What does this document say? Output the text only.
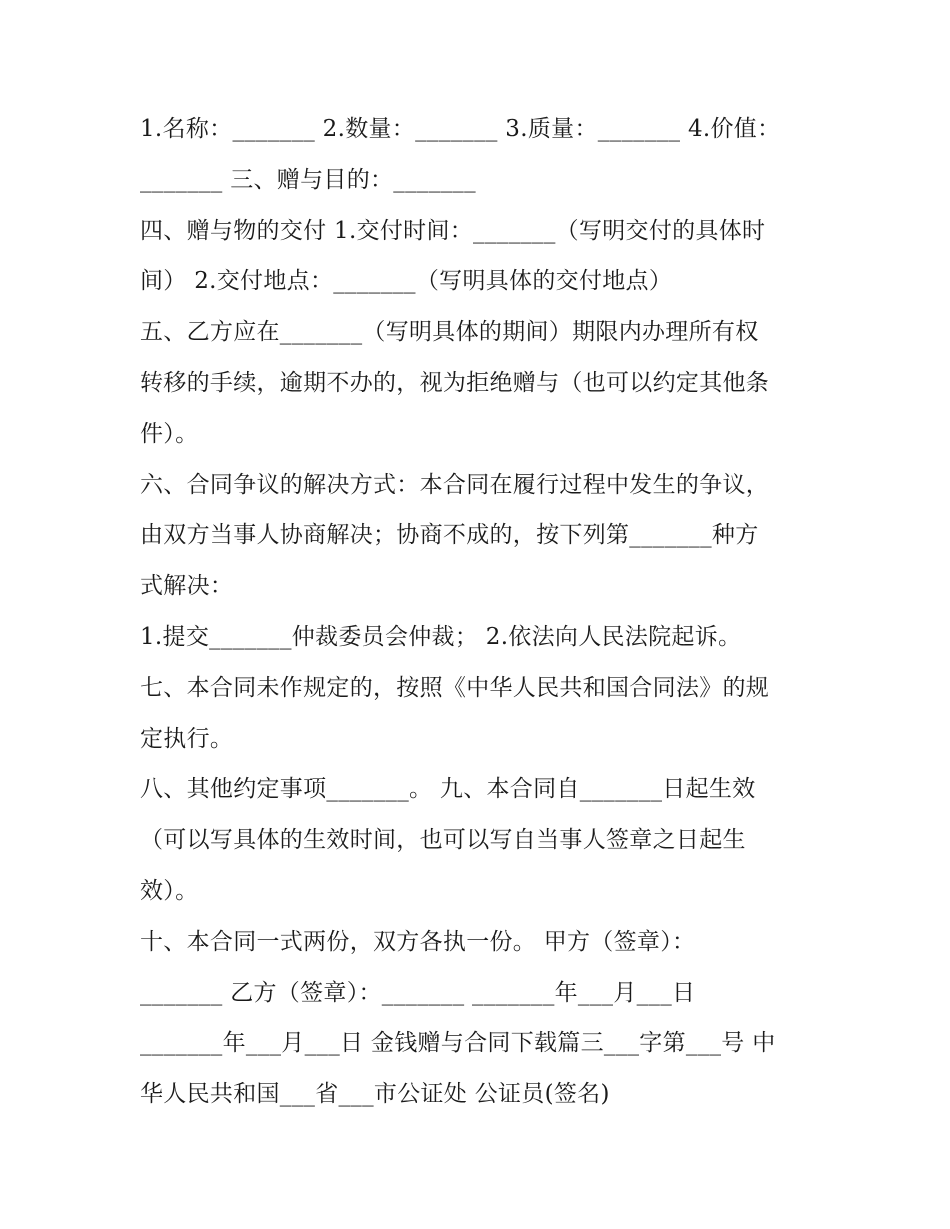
1.名称：_______ 2.数量：_______ 3.质量：_______ 4.价值：
_______ 三、赠与目的：_______
四、赠与物的交付 1.交付时间：_______（写明交付的具体时
间） 2.交付地点：_______（写明具体的交付地点）
五、乙方应在_______（写明具体的期间）期限内办理所有权
转移的手续，逾期不办的，视为拒绝赠与（也可以约定其他条
件）。
六、合同争议的解决方式：本合同在履行过程中发生的争议，
由双方当事人协商解决；协商不成的，按下列第_______种方
式解决：
1.提交_______仲裁委员会仲裁； 2.依法向人民法院起诉。
七、本合同未作规定的，按照《中华人民共和国合同法》的规
定执行。
八、其他约定事项_______。 九、本合同自_______日起生效
（可以写具体的生效时间，也可以写自当事人签章之日起生
效）。
十、本合同一式两份，双方各执一份。 甲方（签章）：
_______ 乙方（签章）：_______ _______年___月___日
_______年___月___日 金钱赠与合同下载篇三___字第___号 中
华人民共和国___省___市公证处 公证员(签名)
